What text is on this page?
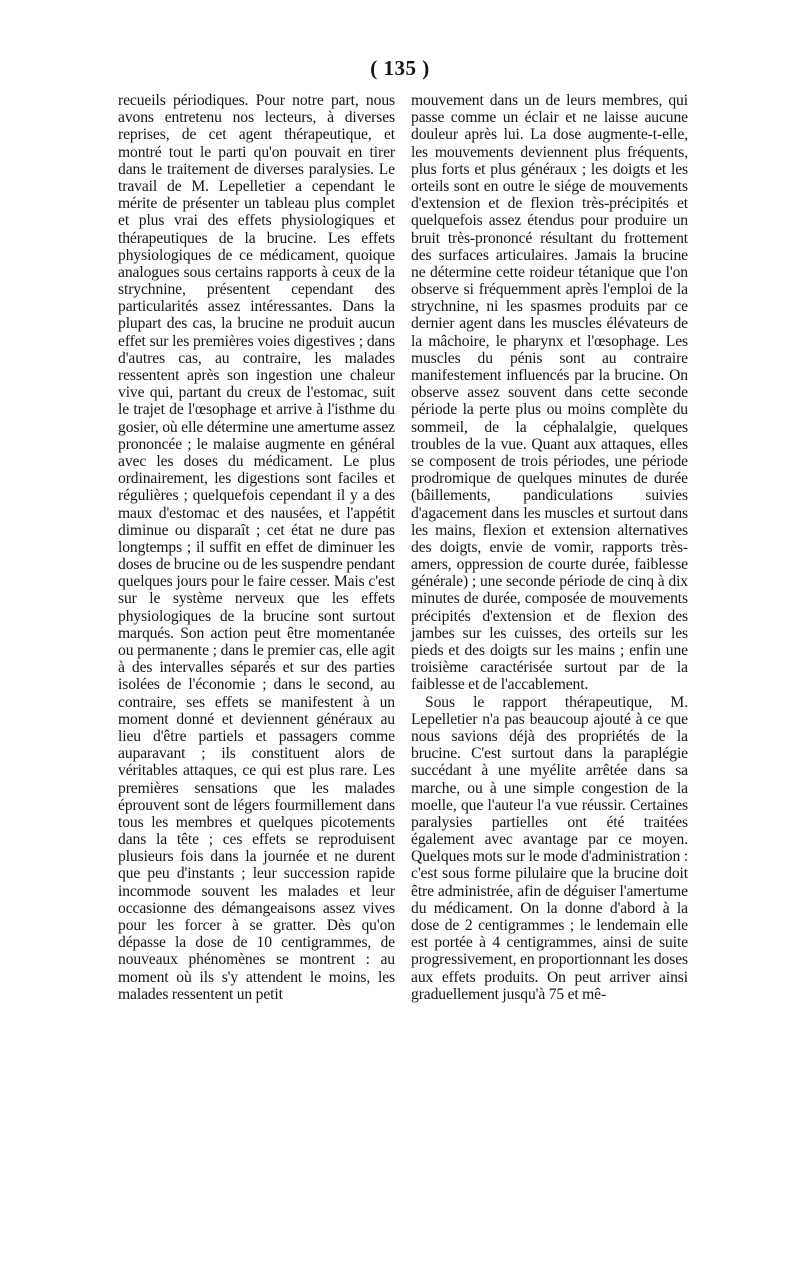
( 135 )

recueils périodiques. Pour notre part, nous avons entretenu nos lecteurs, à diverses reprises, de cet agent thérapeutique, et montré tout le parti qu'on pouvait en tirer dans le traitement de diverses paralysies. Le travail de M. Lepelletier a cependant le mérite de présenter un tableau plus complet et plus vrai des effets physiologiques et thérapeutiques de la brucine. Les effets physiologiques de ce médicament, quoique analogues sous certains rapports à ceux de la strychnine, présentent cependant des particularités assez intéressantes. Dans la plupart des cas, la brucine ne produit aucun effet sur les premières voies digestives ; dans d'autres cas, au contraire, les malades ressentent après son ingestion une chaleur vive qui, partant du creux de l'estomac, suit le trajet de l'œsophage et arrive à l'isthme du gosier, où elle détermine une amertume assez prononcée ; le malaise augmente en général avec les doses du médicament. Le plus ordinairement, les digestions sont faciles et régulières ; quelquefois cependant il y a des maux d'estomac et des nausées, et l'appétit diminue ou disparaît ; cet état ne dure pas longtemps ; il suffit en effet de diminuer les doses de brucine ou de les suspendre pendant quelques jours pour le faire cesser. Mais c'est sur le système nerveux que les effets physiologiques de la brucine sont surtout marqués. Son action peut être momentanée ou permanente ; dans le premier cas, elle agit à des intervalles séparés et sur des parties isolées de l'économie ; dans le second, au contraire, ses effets se manifestent à un moment donné et deviennent généraux au lieu d'être partiels et passagers comme auparavant ; ils constituent alors de véritables attaques, ce qui est plus rare. Les premières sensations que les malades éprouvent sont de légers fourmillement dans tous les membres et quelques picotements dans la tête ; ces effets se reproduisent plusieurs fois dans la journée et ne durent que peu d'instants ; leur succession rapide incommode souvent les malades et leur occasionne des démangeaisons assez vives pour les forcer à se gratter. Dès qu'on dépasse la dose de 10 centigrammes, de nouveaux phénomènes se montrent : au moment où ils s'y attendent le moins, les malades ressentent un petit

mouvement dans un de leurs membres, qui passe comme un éclair et ne laisse aucune douleur après lui. La dose augmente-t-elle, les mouvements deviennent plus fréquents, plus forts et plus généraux ; les doigts et les orteils sont en outre le siége de mouvements d'extension et de flexion très-précipités et quelquefois assez étendus pour produire un bruit très-prononcé résultant du frottement des surfaces articulaires. Jamais la brucine ne détermine cette roideur tétanique que l'on observe si fréquemment après l'emploi de la strychnine, ni les spasmes produits par ce dernier agent dans les muscles élévateurs de la mâchoire, le pharynx et l'œsophage. Les muscles du pénis sont au contraire manifestement influencés par la brucine. On observe assez souvent dans cette seconde période la perte plus ou moins complète du sommeil, de la céphalalgie, quelques troubles de la vue. Quant aux attaques, elles se composent de trois périodes, une période prodromique de quelques minutes de durée (bâillements, pandiculations suivies d'agacement dans les muscles et surtout dans les mains, flexion et extension alternatives des doigts, envie de vomir, rapports très-amers, oppression de courte durée, faiblesse générale) ; une seconde période de cinq à dix minutes de durée, composée de mouvements précipités d'extension et de flexion des jambes sur les cuisses, des orteils sur les pieds et des doigts sur les mains ; enfin une troisième caractérisée surtout par de la faiblesse et de l'accablement.

Sous le rapport thérapeutique, M. Lepelletier n'a pas beaucoup ajouté à ce que nous savions déjà des propriétés de la brucine. C'est surtout dans la paraplégie succédant à une myélite arrêtée dans sa marche, ou à une simple congestion de la moelle, que l'auteur l'a vue réussir. Certaines paralysies partielles ont été traitées également avec avantage par ce moyen. Quelques mots sur le mode d'administration : c'est sous forme pilulaire que la brucine doit être administrée, afin de déguiser l'amertume du médicament. On la donne d'abord à la dose de 2 centigrammes ; le lendemain elle est portée à 4 centigrammes, ainsi de suite progressivement, en proportionnant les doses aux effets produits. On peut arriver ainsi graduellement jusqu'à 75 et mê-
